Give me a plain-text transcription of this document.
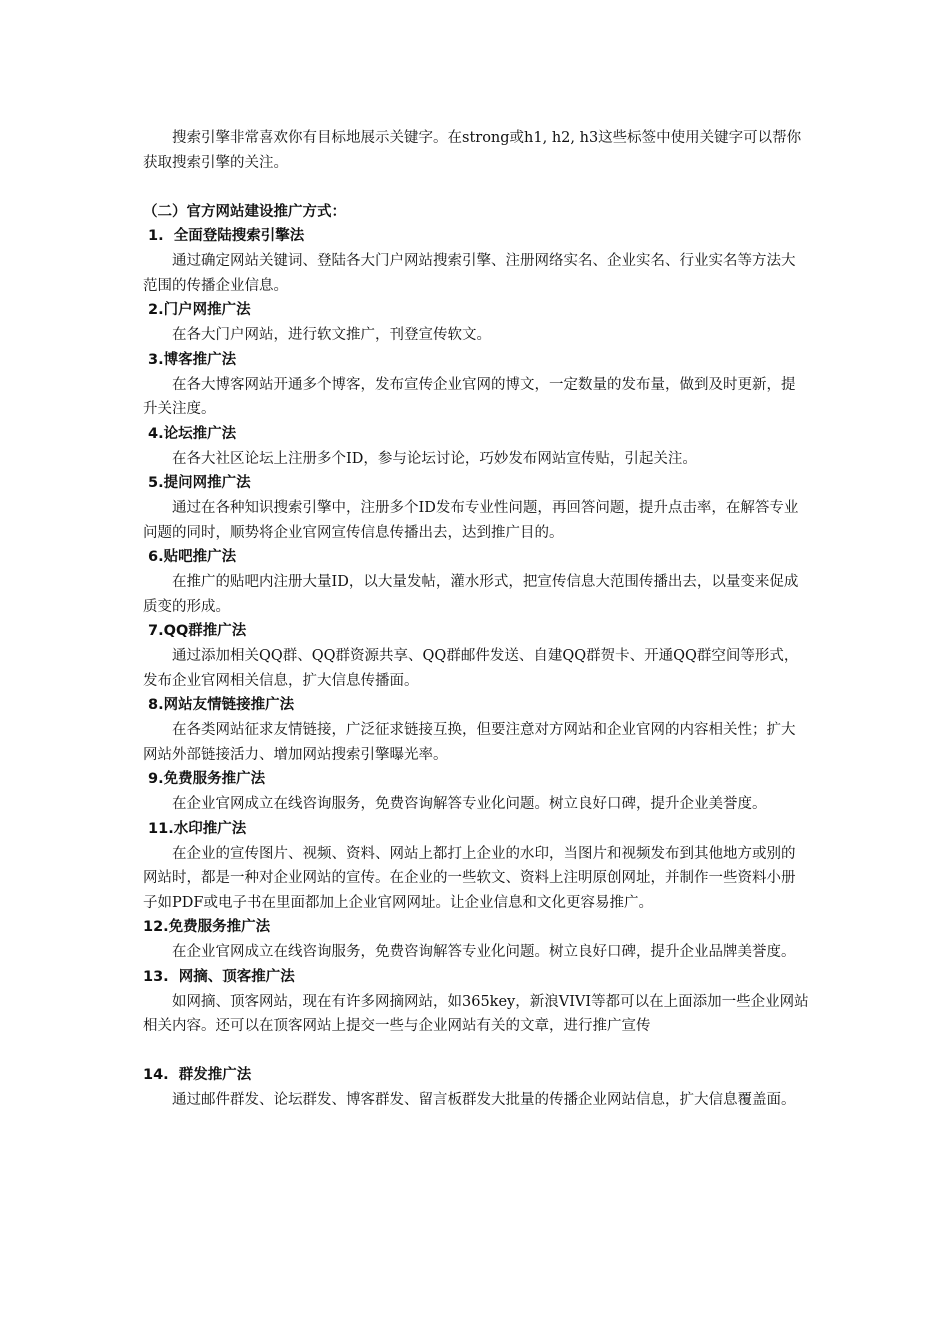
搜索引擎非常喜欢你有目标地展示关键字。在strong或h1, h2, h3这些标签中使用关键字可以帮你获取搜索引擎的关注。

（二）官方网站建设推广方式：

1.  全面登陆搜索引擎法

通过确定网站关键词、登陆各大门户网站搜索引擎、注册网络实名、企业实名、行业实名等方法大范围的传播企业信息。

2.门户网推广法

在各大门户网站，进行软文推广，刊登宣传软文。

3.博客推广法

在各大博客网站开通多个博客，发布宣传企业官网的博文，一定数量的发布量，做到及时更新，提升关注度。

4.论坛推广法

在各大社区论坛上注册多个ID，参与论坛讨论，巧妙发布网站宣传贴，引起关注。

5.提问网推广法

通过在各种知识搜索引擎中，注册多个ID发布专业性问题，再回答问题，提升点击率，在解答专业问题的同时，顺势将企业官网宣传信息传播出去，达到推广目的。

6.贴吧推广法

在推广的贴吧内注册大量ID，以大量发帖，灌水形式，把宣传信息大范围传播出去，以量变来促成质变的形成。

7.QQ群推广法

通过添加相关QQ群、QQ群资源共享、QQ群邮件发送、自建QQ群贺卡、开通QQ群空间等形式，发布企业官网相关信息，扩大信息传播面。

8.网站友情链接推广法

在各类网站征求友情链接，广泛征求链接互换，但要注意对方网站和企业官网的内容相关性；扩大网站外部链接活力、增加网站搜索引擎曝光率。

9.免费服务推广法

在企业官网成立在线咨询服务，免费咨询解答专业化问题。树立良好口碑，提升企业美誉度。

11.水印推广法

在企业的宣传图片、视频、资料、网站上都打上企业的水印，当图片和视频发布到其他地方或别的网站时，都是一种对企业网站的宣传。在企业的一些软文、资料上注明原创网址，并制作一些资料小册子如PDF或电子书在里面都加上企业官网网址。让企业信息和文化更容易推广。

12.免费服务推广法

在企业官网成立在线咨询服务，免费咨询解答专业化问题。树立良好口碑，提升企业品牌美誉度。

13.  网摘、顶客推广法

如网摘、顶客网站，现在有许多网摘网站，如365key，新浪VIVI等都可以在上面添加一些企业网站相关内容。还可以在顶客网站上提交一些与企业网站有关的文章，进行推广宣传

14.  群发推广法

通过邮件群发、论坛群发、博客群发、留言板群发大批量的传播企业网站信息，扩大信息覆盖面。
